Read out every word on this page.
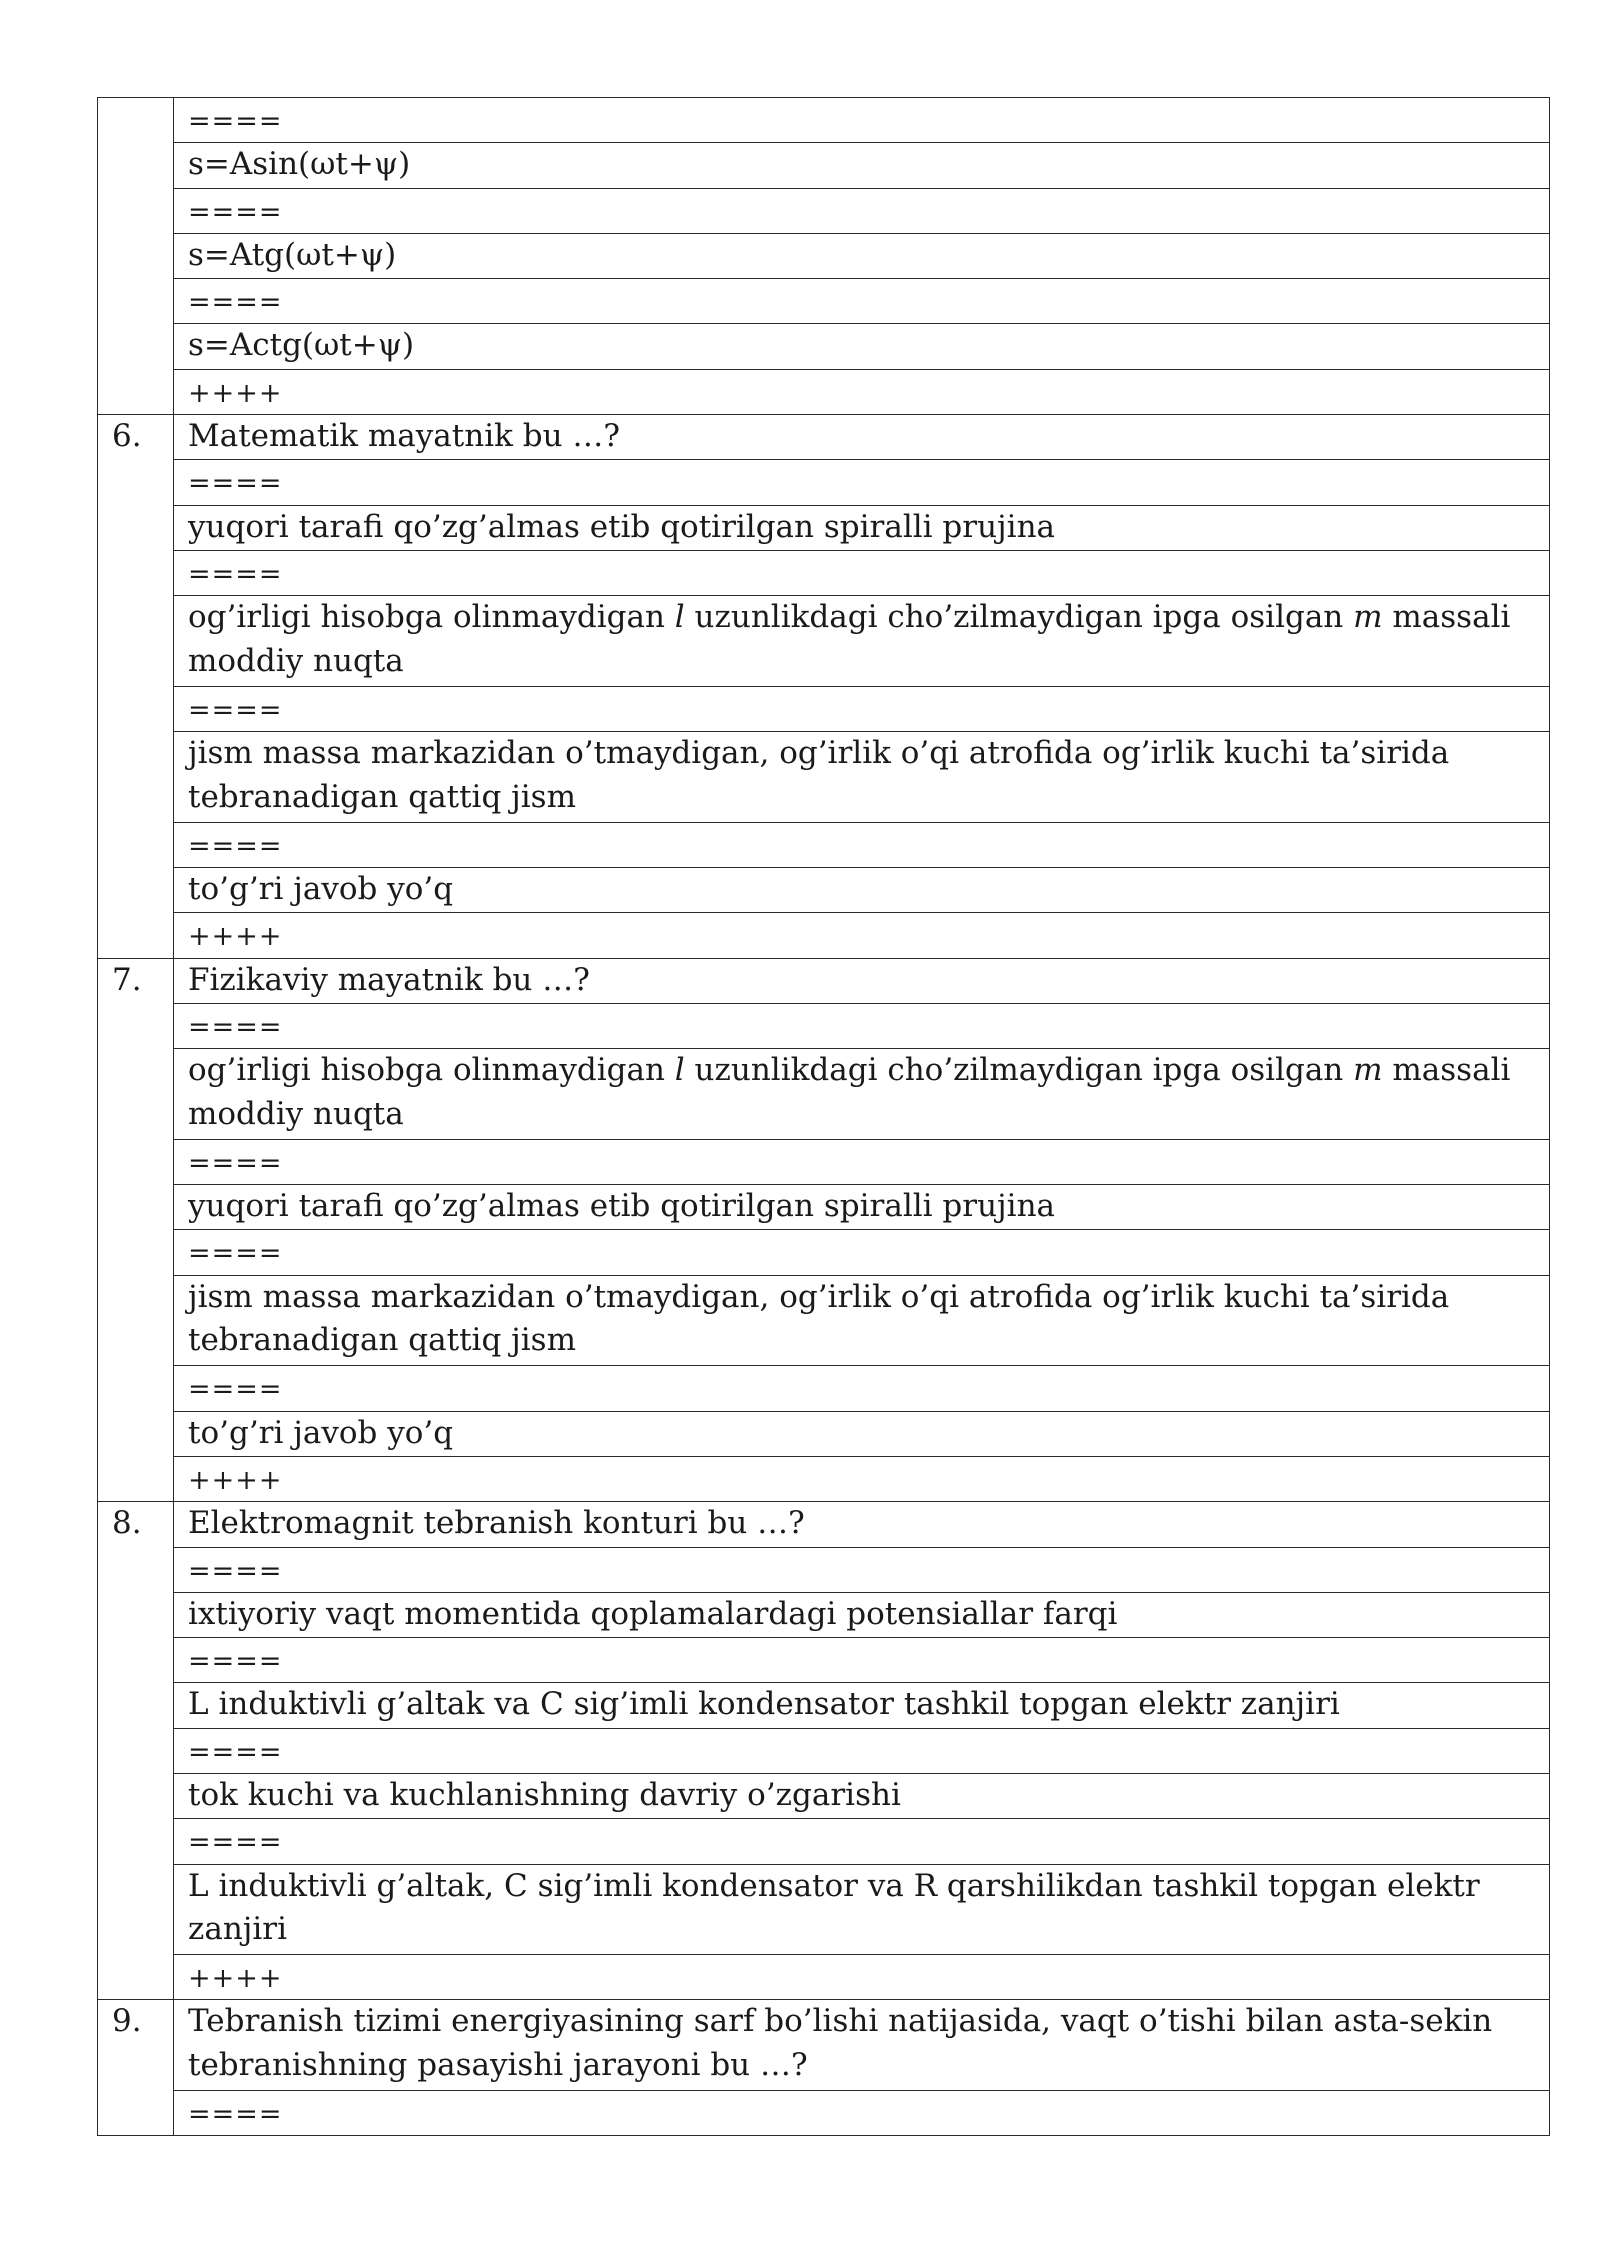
	====
	s=Asin(ωt+ψ)
	====
	s=Atg(ωt+ψ)
	====
	s=Actg(ωt+ψ)
	++++
6.	Matematik mayatnik bu …?
	====
	yuqori tarafi qo’zg’almas etib qotirilgan spiralli prujina
	====
	og’irligi hisobga olinmaydigan l uzunlikdagi cho’zilmaydigan ipga osilgan m massali moddiy nuqta
	====
	jism massa markazidan o’tmaydigan, og’irlik o’qi atrofida og’irlik kuchi ta’sirida tebranadigan qattiq jism
	====
	to’g’ri javob yo’q
	++++
7.	Fizikaviy mayatnik bu …?
	====
	og’irligi hisobga olinmaydigan l uzunlikdagi cho’zilmaydigan ipga osilgan m massali moddiy nuqta
	====
	yuqori tarafi qo’zg’almas etib qotirilgan spiralli prujina
	====
	jism massa markazidan o’tmaydigan, og’irlik o’qi atrofida og’irlik kuchi ta’sirida tebranadigan qattiq jism
	====
	to’g’ri javob yo’q
	++++
8.	Elektromagnit tebranish konturi bu …?
	====
	ixtiyoriy vaqt momentida qoplamalardagi potensiallar farqi
	====
	L induktivli g’altak va C sig’imli kondensator tashkil topgan elektr zanjiri
	====
	tok kuchi va kuchlanishning davriy o’zgarishi
	====
	L induktivli g’altak, C sig’imli kondensator va R qarshilikdan tashkil topgan elektr zanjiri
	++++
9.	Tebranish tizimi energiyasining sarf bo’lishi natijasida, vaqt o’tishi bilan asta-sekin tebranishning pasayishi jarayoni bu …?
	====
